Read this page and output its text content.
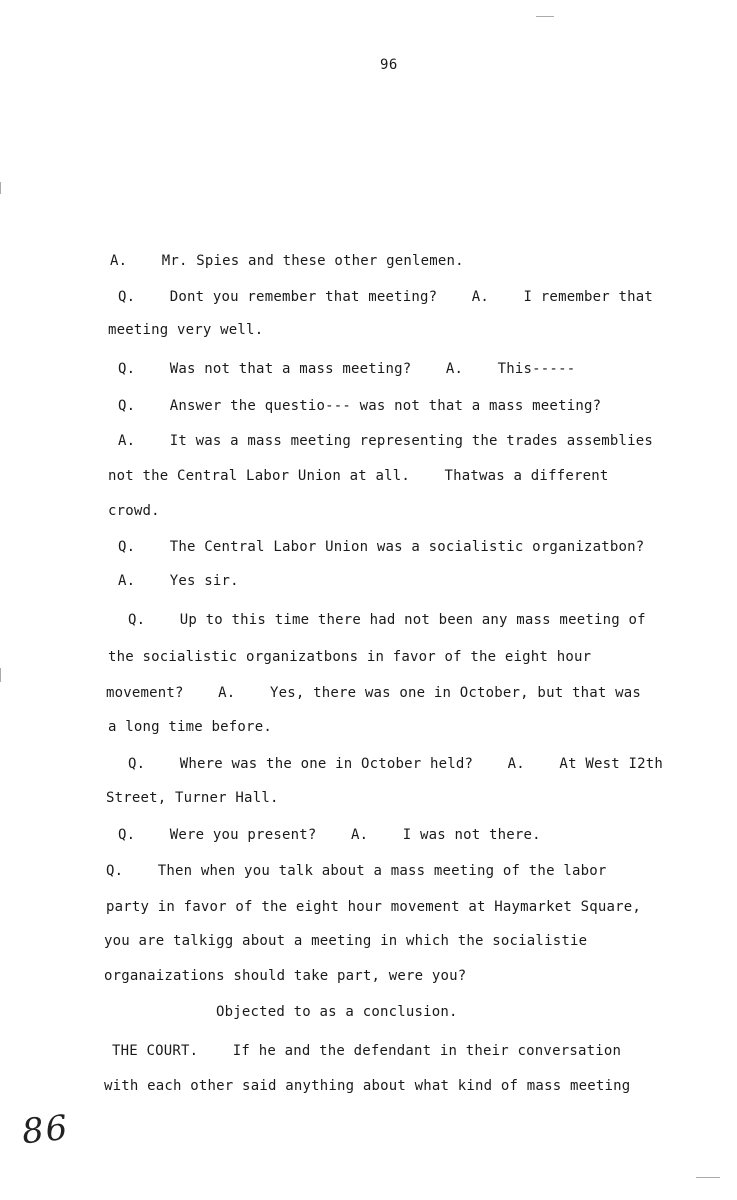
96
A.    Mr. Spies and these other genlemen.
Q.    Dont you remember that meeting?    A.    I remember that
meeting very well.
Q.    Was not that a mass meeting?    A.    This-----
Q.    Answer the questio--- was not that a mass meeting?
A.    It was a mass meeting representing the trades assemblies
not the Central Labor Union at all.    Thatwas a different
crowd.
Q.    The Central Labor Union was a socialistic organizatbon?
A.    Yes sir.
Q.    Up to this time there had not been any mass meeting of
the socialistic organizatbons in favor of the eight hour
movement?    A.    Yes, there was one in October, but that was
a long time before.
Q.    Where was the one in October held?    A.    At West I2th
Street, Turner Hall.
Q.    Were you present?    A.    I was not there.
Q.    Then when you talk about a mass meeting of the labor
party in favor of the eight hour movement at Haymarket Square,
you are talkigg about a meeting in which the socialistie
organaizations should take part, were you?
Objected to as a conclusion.
THE COURT.    If he and the defendant in their conversation
with each other said anything about what kind of mass meeting
86
